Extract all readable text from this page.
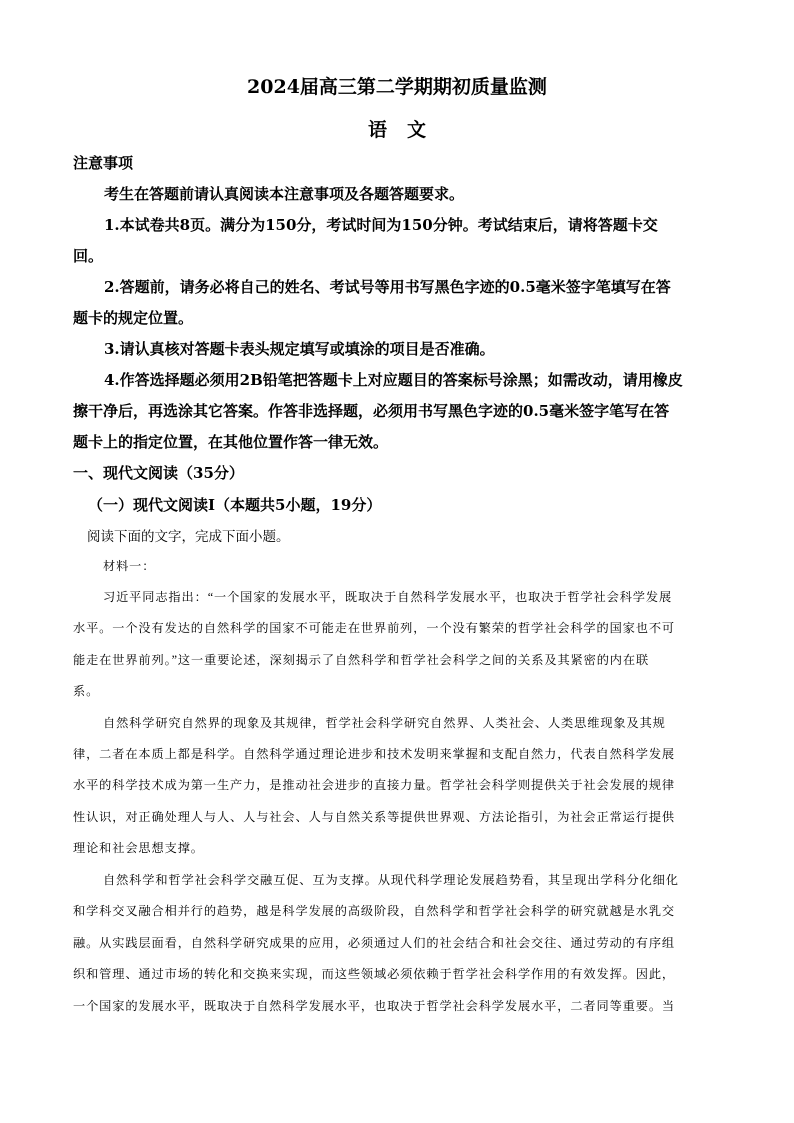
2024届高三第二学期期初质量监测
语文
注意事项
考生在答题前请认真阅读本注意事项及各题答题要求。
1.本试卷共8页。满分为150分，考试时间为150分钟。考试结束后，请将答题卡交
回。
2.答题前，请务必将自己的姓名、考试号等用书写黑色字迹的0.5毫米签字笔填写在答
题卡的规定位置。
3.请认真核对答题卡表头规定填写或填涂的项目是否准确。
4.作答选择题必须用2B铅笔把答题卡上对应题目的答案标号涂黑；如需改动，请用橡皮
擦干净后，再选涂其它答案。作答非选择题，必须用书写黑色字迹的0.5毫米签字笔写在答
题卡上的指定位置，在其他位置作答一律无效。
一、现代文阅读（35分）
（一）现代文阅读Ⅰ（本题共5小题，19分）
阅读下面的文字，完成下面小题。
材料一：
习近平同志指出：“一个国家的发展水平，既取决于自然科学发展水平，也取决于哲学社会科学发展
水平。一个没有发达的自然科学的国家不可能走在世界前列，一个没有繁荣的哲学社会科学的国家也不可
能走在世界前列。”这一重要论述，深刻揭示了自然科学和哲学社会科学之间的关系及其紧密的内在联
系。
自然科学研究自然界的现象及其规律，哲学社会科学研究自然界、人类社会、人类思维现象及其规
律，二者在本质上都是科学。自然科学通过理论进步和技术发明来掌握和支配自然力，代表自然科学发展
水平的科学技术成为第一生产力，是推动社会进步的直接力量。哲学社会科学则提供关于社会发展的规律
性认识，对正确处理人与人、人与社会、人与自然关系等提供世界观、方法论指引，为社会正常运行提供
理论和社会思想支撑。
自然科学和哲学社会科学交融互促、互为支撑。从现代科学理论发展趋势看，其呈现出学科分化细化
和学科交叉融合相并行的趋势，越是科学发展的高级阶段，自然科学和哲学社会科学的研究就越是水乳交
融。从实践层面看，自然科学研究成果的应用，必须通过人们的社会结合和社会交往、通过劳动的有序组
织和管理、通过市场的转化和交换来实现，而这些领域必须依赖于哲学社会科学作用的有效发挥。因此，
一个国家的发展水平，既取决于自然科学发展水平，也取决于哲学社会科学发展水平，二者同等重要。当
